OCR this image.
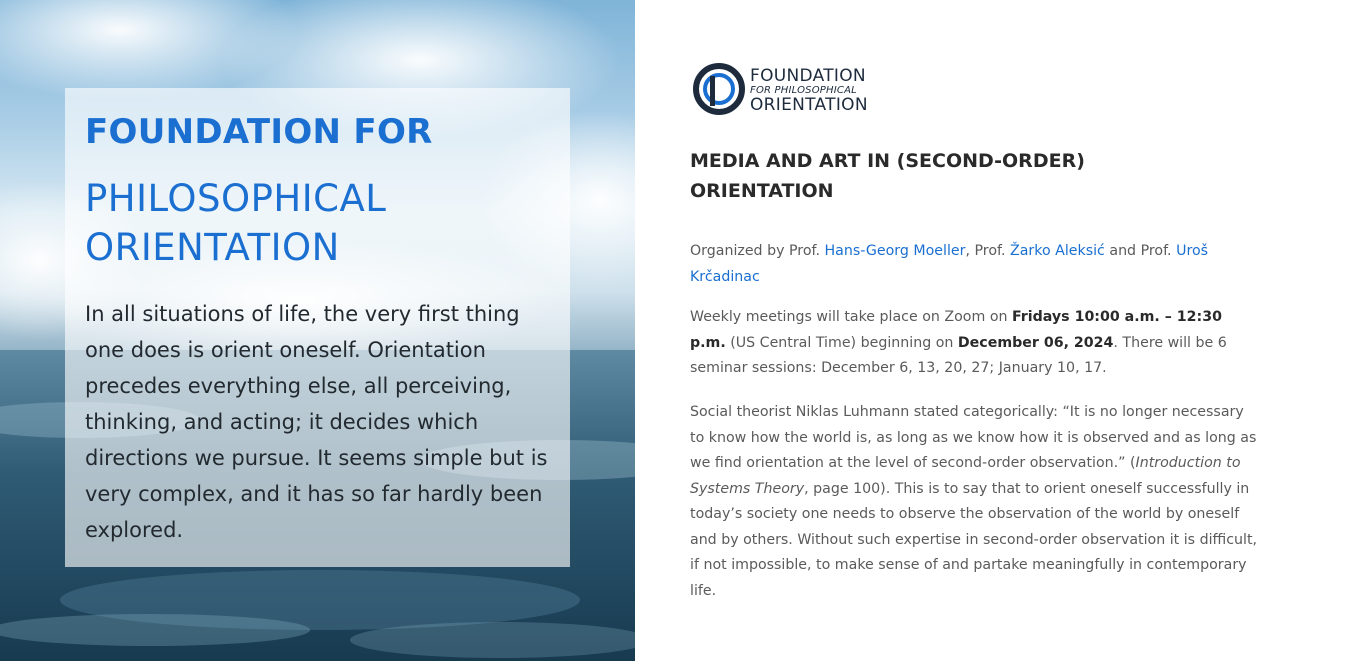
FOUNDATION FOR
PHILOSOPHICAL ORIENTATION

In all situations of life, the very first thing one does is orient oneself. Orientation precedes everything else, all perceiving, thinking, and acting; it decides which directions we pursue. It seems simple but is very complex, and it has so far hardly been explored.

FOUNDATION
FOR PHILOSOPHICAL
ORIENTATION
MEDIA AND ART IN (SECOND-ORDER) ORIENTATION

Organized by Prof. Hans-Georg Moeller, Prof. Žarko Aleksić and Prof. Uroš Krčadinac

Weekly meetings will take place on Zoom on Fridays 10:00 a.m. – 12:30 p.m. (US Central Time) beginning on December 06, 2024. There will be 6 seminar sessions: December 6, 13, 20, 27; January 10, 17.

Social theorist Niklas Luhmann stated categorically: “It is no longer necessary to know how the world is, as long as we know how it is observed and as long as we find orientation at the level of second-order observation.” (Introduction to Systems Theory, page 100). This is to say that to orient oneself successfully in today’s society one needs to observe the observation of the world by oneself and by others. Without such expertise in second-order observation it is difficult, if not impossible, to make sense of and partake meaningfully in contemporary life.
